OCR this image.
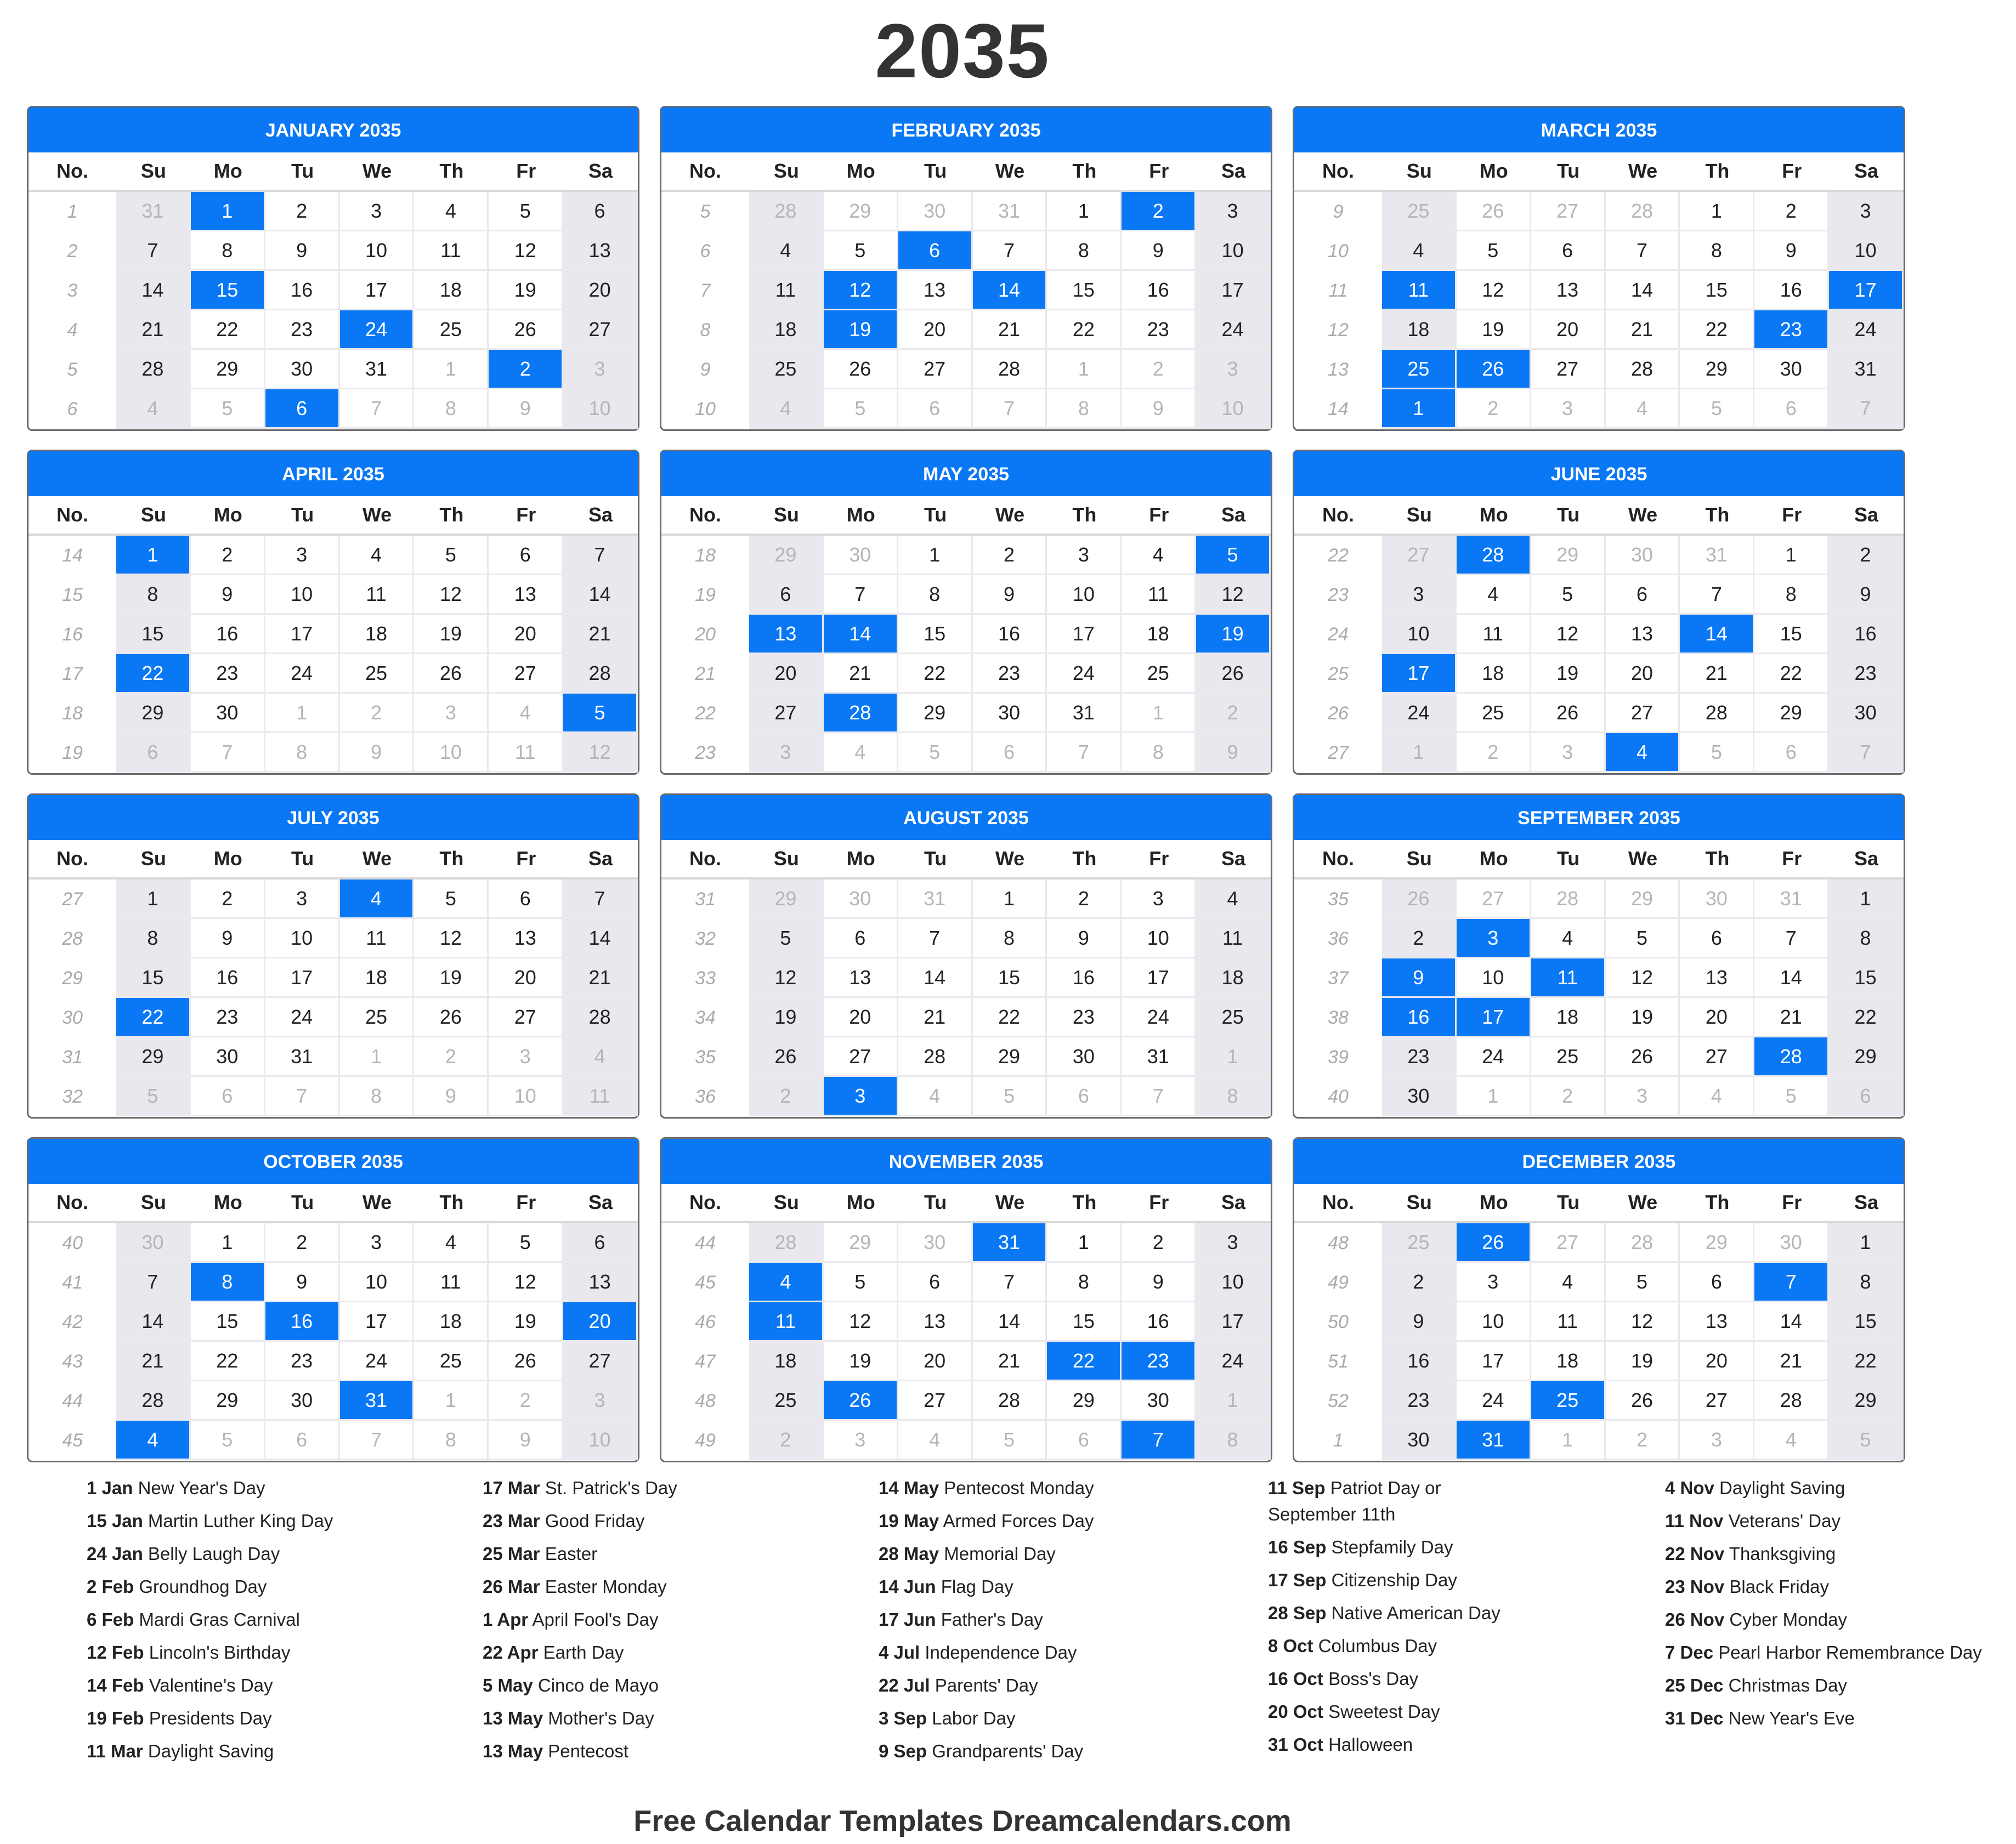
2035
JANUARY 2035
No.	Su	Mo	Tu	We	Th	Fr	Sa
1	31	1	2	3	4	5	6
2	7	8	9	10	11	12	13
3	14	15	16	17	18	19	20
4	21	22	23	24	25	26	27
5	28	29	30	31	1	2	3
6	4	5	6	7	8	9	10
FEBRUARY 2035
No.	Su	Mo	Tu	We	Th	Fr	Sa
5	28	29	30	31	1	2	3
6	4	5	6	7	8	9	10
7	11	12	13	14	15	16	17
8	18	19	20	21	22	23	24
9	25	26	27	28	1	2	3
10	4	5	6	7	8	9	10
MARCH 2035
No.	Su	Mo	Tu	We	Th	Fr	Sa
9	25	26	27	28	1	2	3
10	4	5	6	7	8	9	10
11	11	12	13	14	15	16	17
12	18	19	20	21	22	23	24
13	25	26	27	28	29	30	31
14	1	2	3	4	5	6	7
APRIL 2035
No.	Su	Mo	Tu	We	Th	Fr	Sa
14	1	2	3	4	5	6	7
15	8	9	10	11	12	13	14
16	15	16	17	18	19	20	21
17	22	23	24	25	26	27	28
18	29	30	1	2	3	4	5
19	6	7	8	9	10	11	12
MAY 2035
No.	Su	Mo	Tu	We	Th	Fr	Sa
18	29	30	1	2	3	4	5
19	6	7	8	9	10	11	12
20	13	14	15	16	17	18	19
21	20	21	22	23	24	25	26
22	27	28	29	30	31	1	2
23	3	4	5	6	7	8	9
JUNE 2035
No.	Su	Mo	Tu	We	Th	Fr	Sa
22	27	28	29	30	31	1	2
23	3	4	5	6	7	8	9
24	10	11	12	13	14	15	16
25	17	18	19	20	21	22	23
26	24	25	26	27	28	29	30
27	1	2	3	4	5	6	7
JULY 2035
No.	Su	Mo	Tu	We	Th	Fr	Sa
27	1	2	3	4	5	6	7
28	8	9	10	11	12	13	14
29	15	16	17	18	19	20	21
30	22	23	24	25	26	27	28
31	29	30	31	1	2	3	4
32	5	6	7	8	9	10	11
AUGUST 2035
No.	Su	Mo	Tu	We	Th	Fr	Sa
31	29	30	31	1	2	3	4
32	5	6	7	8	9	10	11
33	12	13	14	15	16	17	18
34	19	20	21	22	23	24	25
35	26	27	28	29	30	31	1
36	2	3	4	5	6	7	8
SEPTEMBER 2035
No.	Su	Mo	Tu	We	Th	Fr	Sa
35	26	27	28	29	30	31	1
36	2	3	4	5	6	7	8
37	9	10	11	12	13	14	15
38	16	17	18	19	20	21	22
39	23	24	25	26	27	28	29
40	30	1	2	3	4	5	6
OCTOBER 2035
No.	Su	Mo	Tu	We	Th	Fr	Sa
40	30	1	2	3	4	5	6
41	7	8	9	10	11	12	13
42	14	15	16	17	18	19	20
43	21	22	23	24	25	26	27
44	28	29	30	31	1	2	3
45	4	5	6	7	8	9	10
NOVEMBER 2035
No.	Su	Mo	Tu	We	Th	Fr	Sa
44	28	29	30	31	1	2	3
45	4	5	6	7	8	9	10
46	11	12	13	14	15	16	17
47	18	19	20	21	22	23	24
48	25	26	27	28	29	30	1
49	2	3	4	5	6	7	8
DECEMBER 2035
No.	Su	Mo	Tu	We	Th	Fr	Sa
48	25	26	27	28	29	30	1
49	2	3	4	5	6	7	8
50	9	10	11	12	13	14	15
51	16	17	18	19	20	21	22
52	23	24	25	26	27	28	29
1	30	31	1	2	3	4	5
1 Jan New Year's Day
15 Jan Martin Luther King Day
24 Jan Belly Laugh Day
2 Feb Groundhog Day
6 Feb Mardi Gras Carnival
12 Feb Lincoln's Birthday
14 Feb Valentine's Day
19 Feb Presidents Day
11 Mar Daylight Saving
17 Mar St. Patrick's Day
23 Mar Good Friday
25 Mar Easter
26 Mar Easter Monday
1 Apr April Fool's Day
22 Apr Earth Day
5 May Cinco de Mayo
13 May Mother's Day
13 May Pentecost
14 May Pentecost Monday
19 May Armed Forces Day
28 May Memorial Day
14 Jun Flag Day
17 Jun Father's Day
4 Jul Independence Day
22 Jul Parents' Day
3 Sep Labor Day
9 Sep Grandparents' Day
11 Sep Patriot Day or September 11th
16 Sep Stepfamily Day
17 Sep Citizenship Day
28 Sep Native American Day
8 Oct Columbus Day
16 Oct Boss's Day
20 Oct Sweetest Day
31 Oct Halloween
4 Nov Daylight Saving
11 Nov Veterans' Day
22 Nov Thanksgiving
23 Nov Black Friday
26 Nov Cyber Monday
7 Dec Pearl Harbor Remembrance Day
25 Dec Christmas Day
31 Dec New Year's Eve
Free Calendar Templates Dreamcalendars.com
